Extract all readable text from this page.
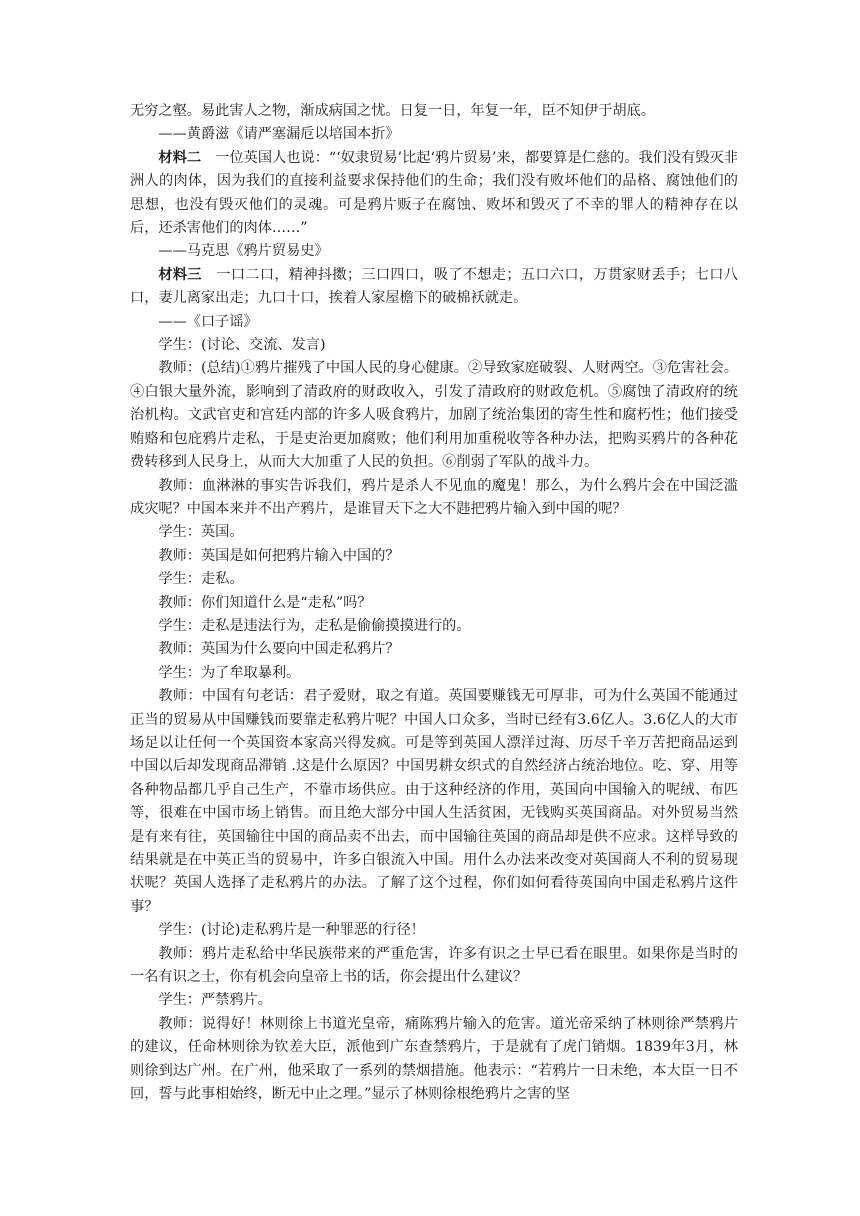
无穷之壑。易此害人之物，渐成病国之忧。日复一日，年复一年，臣不知伊于胡底。

——黄爵滋《请严塞漏卮以培国本折》

材料二 一位英国人也说：“‘奴隶贸易’比起‘鸦片贸易’来，都要算是仁慈的。我们没有毁灭非洲人的肉体，因为我们的直接利益要求保持他们的生命；我们没有败坏他们的品格、腐蚀他们的思想，也没有毁灭他们的灵魂。可是鸦片贩子在腐蚀、败坏和毁灭了不幸的罪人的精神存在以后，还杀害他们的肉体……”

——马克思《鸦片贸易史》

材料三 一口二口，精神抖擞；三口四口，吸了不想走；五口六口，万贯家财丢手；七口八口，妻儿离家出走；九口十口，挨着人家屋檐下的破棉袄就走。

——《口子谣》

学生：(讨论、交流、发言)

教师：(总结)①鸦片摧残了中国人民的身心健康。②导致家庭破裂、人财两空。③危害社会。④白银大量外流，影响到了清政府的财政收入，引发了清政府的财政危机。⑤腐蚀了清政府的统治机构。文武官吏和宫廷内部的许多人吸食鸦片，加剧了统治集团的寄生性和腐朽性；他们接受贿赂和包庇鸦片走私，于是吏治更加腐败；他们利用加重税收等各种办法，把购买鸦片的各种花费转移到人民身上，从而大大加重了人民的负担。⑥削弱了军队的战斗力。

教师：血淋淋的事实告诉我们，鸦片是杀人不见血的魔鬼！那么，为什么鸦片会在中国泛滥成灾呢？中国本来并不出产鸦片，是谁冒天下之大不韪把鸦片输入到中国的呢？

学生：英国。

教师：英国是如何把鸦片输入中国的？

学生：走私。

教师：你们知道什么是“走私”吗？

学生：走私是违法行为，走私是偷偷摸摸进行的。

教师：英国为什么要向中国走私鸦片？

学生：为了牟取暴利。

教师：中国有句老话：君子爱财，取之有道。英国要赚钱无可厚非，可为什么英国不能通过正当的贸易从中国赚钱而要靠走私鸦片呢？中国人口众多，当时已经有3.6亿人。3.6亿人的大市场足以让任何一个英国资本家高兴得发疯。可是等到英国人漂洋过海、历尽千辛万苦把商品运到中国以后却发现商品滞销 .这是什么原因？中国男耕女织式的自然经济占统治地位。吃、穿、用等各种物品都几乎自己生产，不靠市场供应。由于这种经济的作用，英国向中国输入的呢绒、布匹等，很难在中国市场上销售。而且绝大部分中国人生活贫困，无钱购买英国商品。对外贸易当然是有来有往，英国输往中国的商品卖不出去，而中国输往英国的商品却是供不应求。这样导致的结果就是在中英正当的贸易中，许多白银流入中国。用什么办法来改变对英国商人不利的贸易现状呢？英国人选择了走私鸦片的办法。了解了这个过程，你们如何看待英国向中国走私鸦片这件事？

学生：(讨论)走私鸦片是一种罪恶的行径！

教师：鸦片走私给中华民族带来的严重危害，许多有识之士早已看在眼里。如果你是当时的一名有识之士，你有机会向皇帝上书的话，你会提出什么建议？

学生：严禁鸦片。

教师：说得好！林则徐上书道光皇帝，痛陈鸦片输入的危害。道光帝采纳了林则徐严禁鸦片的建议，任命林则徐为钦差大臣，派他到广东查禁鸦片，于是就有了虎门销烟。1839年3月，林则徐到达广州。在广州，他采取了一系列的禁烟措施。他表示：“若鸦片一日未绝，本大臣一日不回，誓与此事相始终，断无中止之理。”显示了林则徐根绝鸦片之害的坚
